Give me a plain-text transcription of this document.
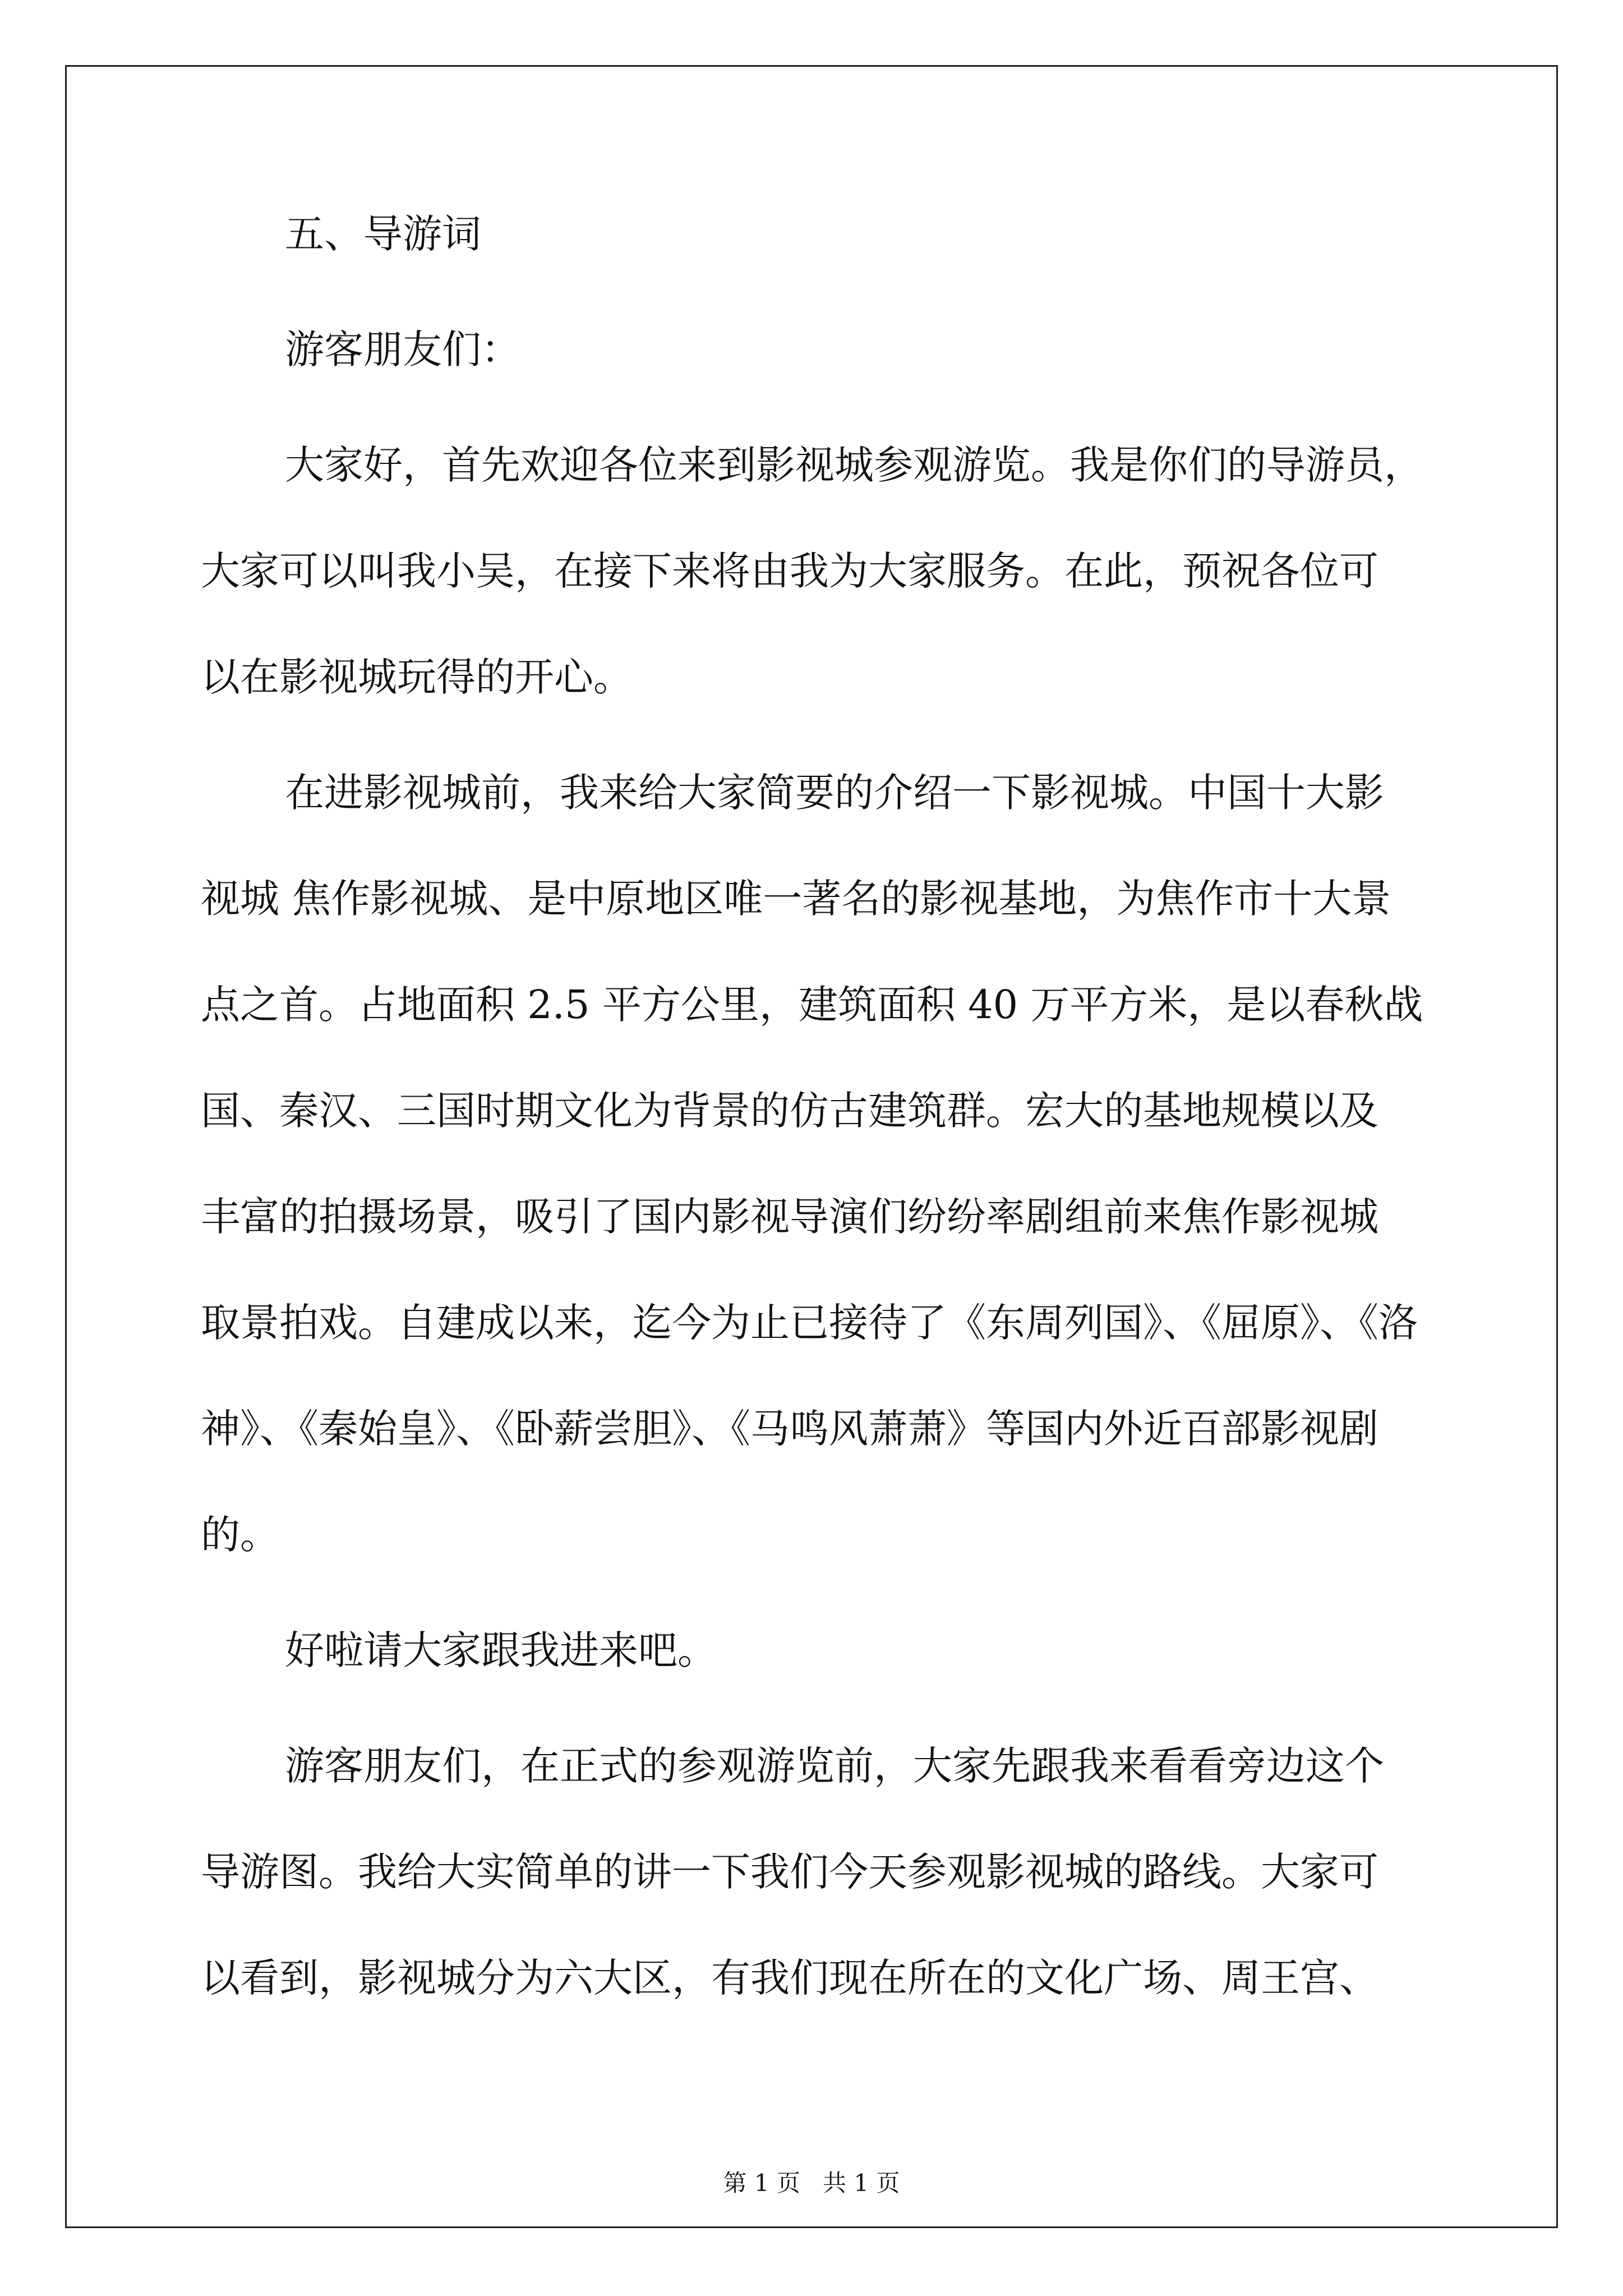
五、导游词
游客朋友们：
大家好，首先欢迎各位来到影视城参观游览。我是你们的导游员，
大家可以叫我小吴，在接下来将由我为大家服务。在此，预祝各位可
以在影视城玩得的开心。
在进影视城前，我来给大家简要的介绍一下影视城。中国十大影
视城 焦作影视城、是中原地区唯一著名的影视基地，为焦作市十大景
点之首。占地面积 2.5 平方公里，建筑面积 40 万平方米，是以春秋战
国、秦汉、三国时期文化为背景的仿古建筑群。宏大的基地规模以及
丰富的拍摄场景，吸引了国内影视导演们纷纷率剧组前来焦作影视城
取景拍戏。自建成以来，迄今为止已接待了《东周列国》、《屈原》、《洛
神》、《秦始皇》、《卧薪尝胆》、《马鸣风萧萧》等国内外近百部影视剧
的。
好啦请大家跟我进来吧。
游客朋友们，在正式的参观游览前，大家先跟我来看看旁边这个
导游图。我给大实简单的讲一下我们今天参观影视城的路线。大家可
以看到，影视城分为六大区，有我们现在所在的文化广场、周王宫、
第 1 页   共 1 页
